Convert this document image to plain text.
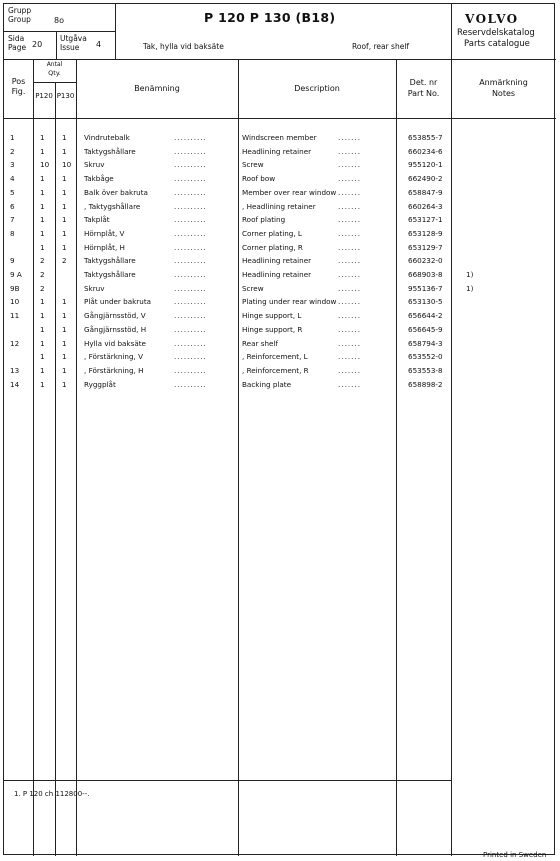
Grupp
Group	8o
Sida
Page 20
Utgåva
Issue 4
P 120 P 130 (B18)
Tak, hylla vid baksäte	Roof, rear shelf
VOLVO
Reservdelskatalog
Parts catalogue
Pos
Fig.
Antal
Qty.
P120 P130
Benämning	Description
Det. nr
Part No.
Anmärkning
Notes
1	1 1 Vindrutebalk	Windscreen member	653855-7
..........	.......
2	1 1 Taktygshållare	Headlining retainer	660234-6
..........	.......
3	10 10 Skruv	Screw	955120-1
..........	.......
4	1 1 Takbåge	Roof bow	662490-2
..........	.......
5	1 1 Balk över bakruta	Member over rear window	658847-9
..........	.......
6	1 1 , Taktygshållare	, Headlining retainer	660264-3
..........	.......
7	1 1 Takplåt	Roof plating	653127-1
..........	.......
8	1 1 Hörnplåt, V	Corner plating, L	653128-9
..........	.......
1 1 Hörnplåt, H	Corner plating, R	653129-7
..........	.......
9	2 2 Taktygshållare	Headlining retainer	660232-0
..........	.......
9 A	2	Taktygshållare	Headlining retainer	668903-8	1)
..........	.......
9B	2	Skruv	Screw	955136-7	1)
..........	.......
10	1 1 Plåt under bakruta	Plating under rear window	653130-5
..........	.......
11	1 1 Gångjärnsstöd, V	Hinge support, L	656644-2
..........	.......
1 1 Gångjärnsstöd, H	Hinge support, R	656645-9
..........	.......
12	1 1 Hylla vid baksäte	Rear shelf	658794-3
..........	.......
1 1 , Förstärkning, V	, Reinforcement, L	653552-0
..........	.......
13	1 1 , Förstärkning, H	, Reinforcement, R	653553-8
..........	.......
14	1 1 Ryggplåt	Backing plate	658898-2
..........	.......
1. P 120 ch 112800--.
Printed in Sweden
